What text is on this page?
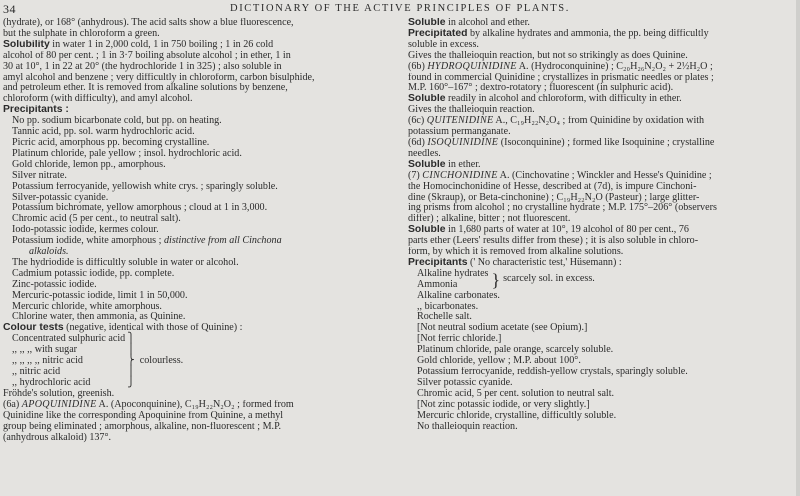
34	DICTIONARY OF THE ACTIVE PRINCIPLES OF PLANTS.
(hydrate), or 168° (anhydrous). The acid salts show a blue fluorescence,
but the sulphate in chloroform a green.
Solubility in water 1 in 2,000 cold, 1 in 750 boiling ; 1 in 26 cold
alcohol of 80 per cent. ; 1 in 3·7 boiling absolute alcohol ; in ether, 1 in
30 at 10°, 1 in 22 at 20° (the hydrochloride 1 in 325) ; also soluble in
amyl alcohol and benzene ; very difficultly in chloroform, carbon bisulphide,
and petroleum ether. It is removed from alkaline solutions by benzene,
chloroform (with difficulty), and amyl alcohol.
Precipitants :
No pp. sodium bicarbonate cold, but pp. on heating.
Tannic acid, pp. sol. warm hydrochloric acid.
Picric acid, amorphous pp. becoming crystalline.
Platinum chloride, pale yellow ; insol. hydrochloric acid.
Gold chloride, lemon pp., amorphous.
Silver nitrate.
Potassium ferrocyanide, yellowish white crys. ; sparingly soluble.
Silver-potassic cyanide.
Potassium bichromate, yellow amorphous ; cloud at 1 in 3,000.
Chromic acid (5 per cent., to neutral salt).
Iodo-potassic iodide, kermes colour.
Potassium iodide, white amorphous ; distinctive from all Cinchona
alkaloids.
The hydriodide is difficultly soluble in water or alcohol.
Cadmium potassic iodide, pp. complete.
Zinc-potassic iodide.
Mercuric-potassic iodide, limit 1 in 50,000.
Mercuric chloride, white amorphous.
Chlorine water, then ammonia, as Quinine.
Colour tests (negative, identical with those of Quinine) :
Concentrated sulphuric acid
,, ,, ,, with sugar
,, ,, ,, ,, nitric acid
,, nitric acid
,, hydrochloric acid
⎫
⎪
⎬
⎪
⎭
colourless.
Fröhde's solution, greenish.
(6a) APOQUINIDINE A. (Apoconquinine), C₁₉H₂₂N₂O₂ ; formed from
Quinidine like the corresponding Apoquinine from Quinine, a methyl
group being eliminated ; amorphous, alkaline, non-fluorescent ; M.P.
(anhydrous alkaloid) 137°.
Soluble in alcohol and ether.
Precipitated by alkaline hydrates and ammonia, the pp. being difficultly
soluble in excess.
Gives the thalleioquin reaction, but not so strikingly as does Quinine.
(6b) HYDROQUINIDINE A. (Hydroconquinine) ; C₂₀H₂₆N₂O₂ + 2½H₂O ;
found in commercial Quinidine ; crystallizes in prismatic needles or plates ;
M.P. 160°–167° ; dextro-rotatory ; fluorescent (in sulphuric acid).
Soluble readily in alcohol and chloroform, with difficulty in ether.
Gives the thalleioquin reaction.
(6c) QUITENIDINE A., C₁₉H₂₂N₂O₄ ; from Quinidine by oxidation with
potassium permanganate.
(6d) ISOQUINIDINE (Isoconquinine) ; formed like Isoquinine ; crystalline
needles.
Soluble in ether.
(7) CINCHONIDINE A. (Cinchovatine ; Winckler and Hesse's Quinidine ;
the Homocinchonidine of Hesse, described at (7d), is impure Cinchoni-
dine (Skraup), or Beta-cinchonine) ; C₁₉H₂₂N₂O (Pasteur) ; large glitter-
ing prisms from alcohol ; no crystalline hydrate ; M.P. 175°–206° (observers
differ) ; alkaline, bitter ; not fluorescent.
Soluble in 1,680 parts of water at 10°, 19 alcohol of 80 per cent., 76
parts ether (Leers' results differ from these) ; it is also soluble in chloro-
form, by which it is removed from alkaline solutions.
Precipitants (' No characteristic test,' Hüsemann) :
Alkaline hydrates
Ammonia	} scarcely sol. in excess.
Alkaline carbonates.
,, bicarbonates.
Rochelle salt.
[Not neutral sodium acetate (see Opium).]
[Not ferric chloride.]
Platinum chloride, pale orange, scarcely soluble.
Gold chloride, yellow ; M.P. about 100°.
Potassium ferrocyanide, reddish-yellow crystals, sparingly soluble.
Silver potassic cyanide.
Chromic acid, 5 per cent. solution to neutral salt.
[Not zinc potassic iodide, or very slightly.]
Mercuric chloride, crystalline, difficultly soluble.
No thalleioquin reaction.
